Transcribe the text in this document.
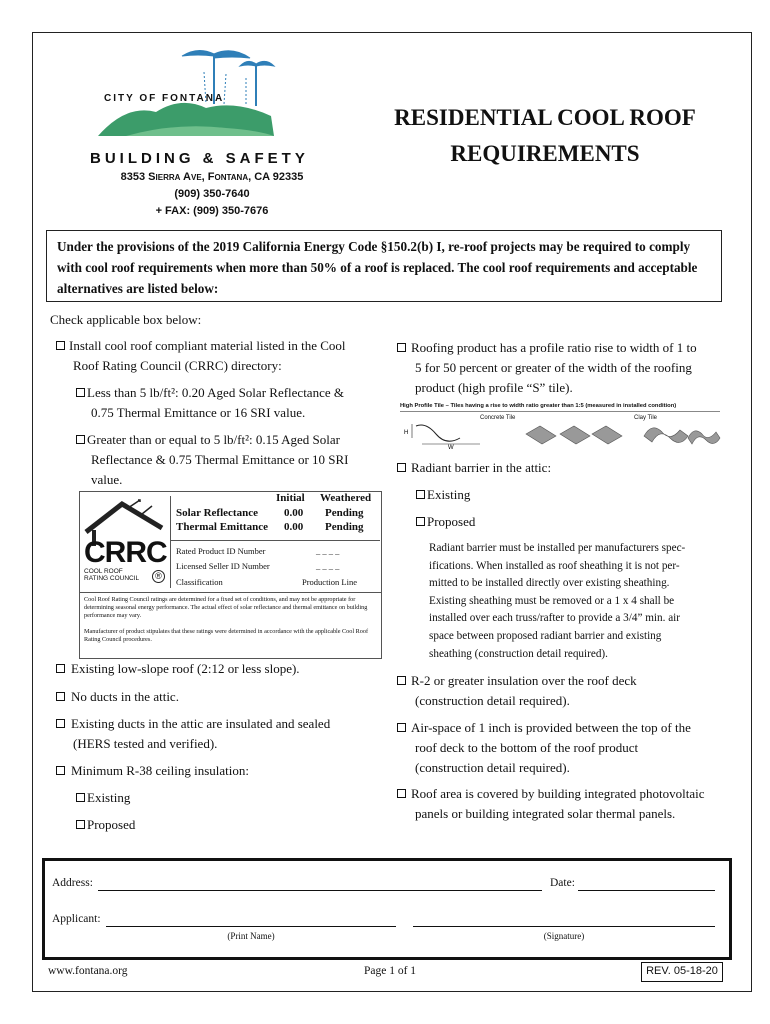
CITY OF FONTANA
BUILDING & SAFETY
8353 Sierra Ave, Fontana, CA 92335
(909) 350-7640
+ FAX: (909) 350-7676
RESIDENTIAL COOL ROOF
REQUIREMENTS
Under the provisions of the 2019 California Energy Code §150.2(b) I, re-roof projects may be required to comply with cool roof requirements when more than 50% of a roof is replaced. The cool roof requirements and acceptable alternatives are listed below:
Check applicable box below:
Install cool roof compliant material listed in the Cool
Roof Rating Council (CRRC) directory:
Less than 5 lb/ft²: 0.20 Aged Solar Reflectance &
0.75 Thermal Emittance or 16 SRI value.
Greater than or equal to 5 lb/ft²: 0.15 Aged Solar
Reflectance & 0.75 Thermal Emittance or 10 SRI
value.
CRRC
COOL ROOF
RATING COUNCIL	®
Initial Weathered
Solar Reflectance 0.00 Pending
Thermal Emittance 0.00 Pending
Rated Product ID Number	_ _ _ _
Licensed Seller ID Number	_ _ _ _
Classification	Production Line
Cool Roof Rating Council ratings are determined for a fixed set of conditions, and may not be appropriate for determining seasonal energy performance. The actual effect of solar reflectance and thermal emittance on building performance may vary.
Manufacturer of product stipulates that these ratings were determined in accordance with the applicable Cool Roof Rating Council procedures.
Existing low-slope roof (2:12 or less slope).
No ducts in the attic.
Existing ducts in the attic are insulated and sealed
(HERS tested and verified).
Minimum R-38 ceiling insulation:
Existing
Proposed
Roofing product has a profile ratio rise to width of 1 to
5 for 50 percent or greater of the width of the roofing
product (high profile “S” tile).
High Profile Tile – Tiles having a rise to width ratio greater than 1:5 (measured in installed condition)
Concrete Tile	Clay Tile
H
W
Radiant barrier in the attic:
Existing
Proposed
Radiant barrier must be installed per manufacturers spec-
ifications. When installed as roof sheathing it is not per-
mitted to be installed directly over existing sheathing.
Existing sheathing must be removed or a 1 x 4 shall be
installed over each truss/rafter to provide a 3/4” min. air
space between proposed radiant barrier and existing
sheathing (construction detail required).
R-2 or greater insulation over the roof deck
(construction detail required).
Air-space of 1 inch is provided between the top of the
roof deck to the bottom of the roof product
(construction detail required).
Roof area is covered by building integrated photovoltaic
panels or building integrated solar thermal panels.
Address:	Date:
Applicant:
(Print Name)	(Signature)
www.fontana.org	Page 1 of 1	REV. 05-18-20
